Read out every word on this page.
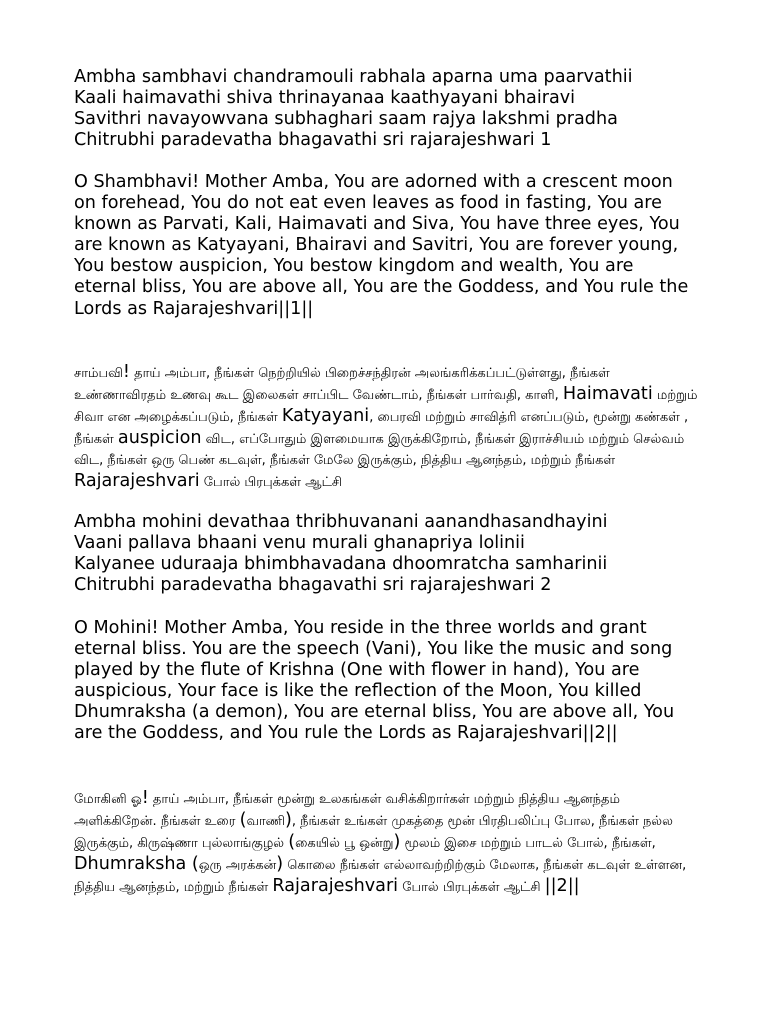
Ambha sambhavi chandramouli rabhala aparna uma paarvathii
Kaali haimavathi shiva thrinayanaa kaathyayani bhairavi
Savithri navayowvana subhaghari saam rajya lakshmi pradha
Chitrubhi paradevatha bhagavathi sri rajarajeshwari 1

O Shambhavi! Mother Amba, You are adorned with a crescent moon on forehead, You do not eat even leaves as food in fasting, You are known as Parvati, Kali, Haimavati and Siva, You have three eyes, You are known as Katyayani, Bhairavi and Savitri, You are forever young, You bestow auspicion, You bestow kingdom and wealth, You are eternal bliss, You are above all, You are the Goddess, and You rule the Lords as Rajarajeshvari||1||

சாம்பவி! தாய் அம்பா, நீங்கள் நெற்றியில் பிறைச்சந்திரன் அலங்கரிக்கப்பட்டுள்ளது, நீங்கள் உண்ணாவிரதம் உணவு கூட இலைகள் சாப்பிட வேண்டாம், நீங்கள் பார்வதி, காளி, Haimavati மற்றும் சிவா என அழைக்கப்படும், நீங்கள் Katyayani, பைரவி மற்றும் சாவித்ரி எனப்படும், மூன்று கண்கள் , நீங்கள் auspicion விட, எப்போதும் இளமையாக இருக்கிறோம், நீங்கள் இராச்சியம் மற்றும் செல்வம் விட, நீங்கள் ஒரு பெண் கடவுள், நீங்கள் மேலே இருக்கும், நித்திய ஆனந்தம், மற்றும் நீங்கள் Rajarajeshvari போல் பிரபுக்கள் ஆட்சி

Ambha mohini devathaa thribhuvanani aanandhasandhayini
Vaani pallava bhaani venu murali ghanapriya lolinii
Kalyanee uduraaja bhimbhavadana dhoomratcha samharinii
Chitrubhi paradevatha bhagavathi sri rajarajeshwari 2

O Mohini! Mother Amba, You reside in the three worlds and grant eternal bliss. You are the speech (Vani), You like the music and song played by the flute of Krishna (One with flower in hand), You are auspicious, Your face is like the reflection of the Moon, You killed Dhumraksha (a demon), You are eternal bliss, You are above all, You are the Goddess, and You rule the Lords as Rajarajeshvari||2||

மோகினி ஓ! தாய் அம்பா, நீங்கள் மூன்று உலகங்கள் வசிக்கிறார்கள் மற்றும் நித்திய ஆனந்தம் அளிக்கிறேன். நீங்கள் உரை (வாணி), நீங்கள் உங்கள் முகத்தை மூன் பிரதிபலிப்பு போல, நீங்கள் நல்ல இருக்கும், கிருஷ்ணா புல்லாங்குழல் (கையில் பூ ஒன்று) மூலம் இசை மற்றும் பாடல் போல், நீங்கள், Dhumraksha (ஒரு அரக்கன்) கொலை நீங்கள் எல்லாவற்றிற்கும் மேலாக, நீங்கள் கடவுள் உள்ளன, நித்திய ஆனந்தம், மற்றும் நீங்கள் Rajarajeshvari போல் பிரபுக்கள் ஆட்சி ||2||
